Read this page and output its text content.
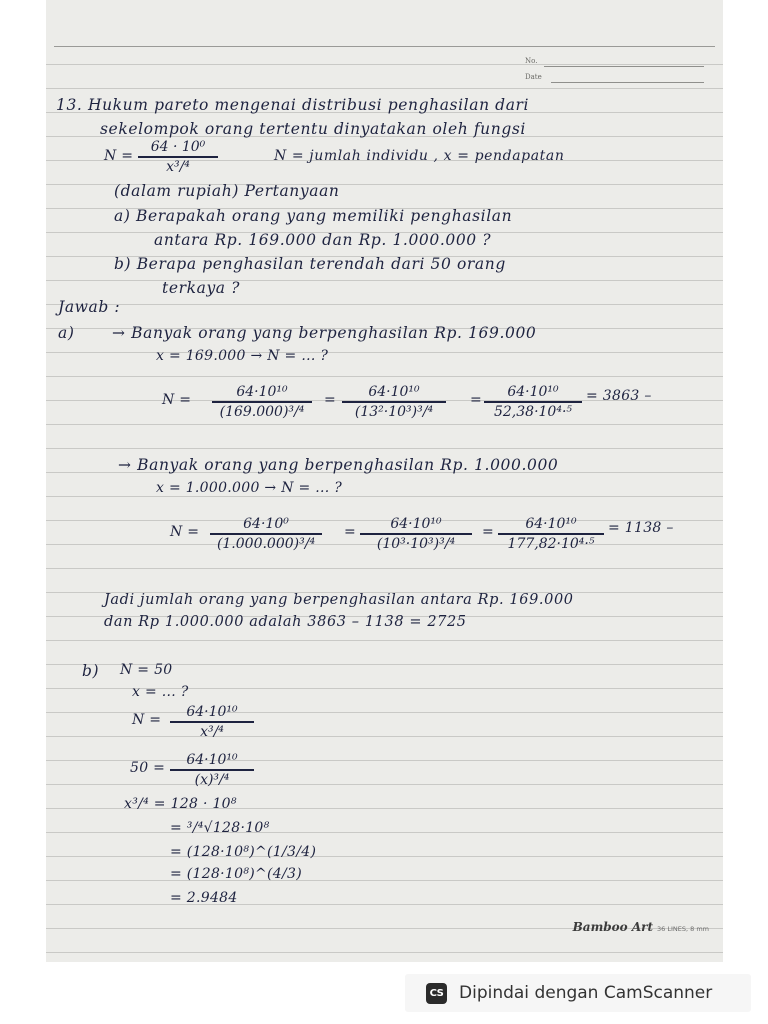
No.
Date
13. Hukum pareto mengenai distribusi penghasilan dari
sekelompok orang tertentu dinyatakan oleh fungsi
N =
64 · 10⁰
x³/⁴
N = jumlah individu , x = pendapatan
(dalam rupiah) Pertanyaan
a) Berapakah orang yang memiliki penghasilan
antara Rp. 169.000 dan Rp. 1.000.000 ?
b) Berapa penghasilan terendah dari 50 orang
terkaya ?
Jawab :
a) → Banyak orang yang berpenghasilan Rp. 169.000
x = 169.000 → N = ... ?
N =	64·10¹⁰
(169.000)³/⁴
=	64·10¹⁰
(13²·10³)³/⁴
=	64·10¹⁰
52,38·10⁴·⁵
= 3863 –
→ Banyak orang yang berpenghasilan Rp. 1.000.000
x = 1.000.000 → N = ... ?
N =	64·10⁰
(1.000.000)³/⁴
=	64·10¹⁰
(10³·10³)³/⁴
=	64·10¹⁰
177,82·10⁴·⁵
= 1138 –
Jadi jumlah orang yang berpenghasilan antara Rp. 169.000
dan Rp 1.000.000 adalah 3863 – 1138 = 2725
b) N = 50
x = ... ?
N =	64·10¹⁰
x³/⁴
50 =	64·10¹⁰
(x)³/⁴
x³/⁴ = 128 · 10⁸
= ³/⁴√128·10⁸
= (128·10⁸)^(1/3/4)
= (128·10⁸)^(4/3)
= 2.9484
Bamboo Art 36 LINES, 8 mm
CS Dipindai dengan CamScanner
